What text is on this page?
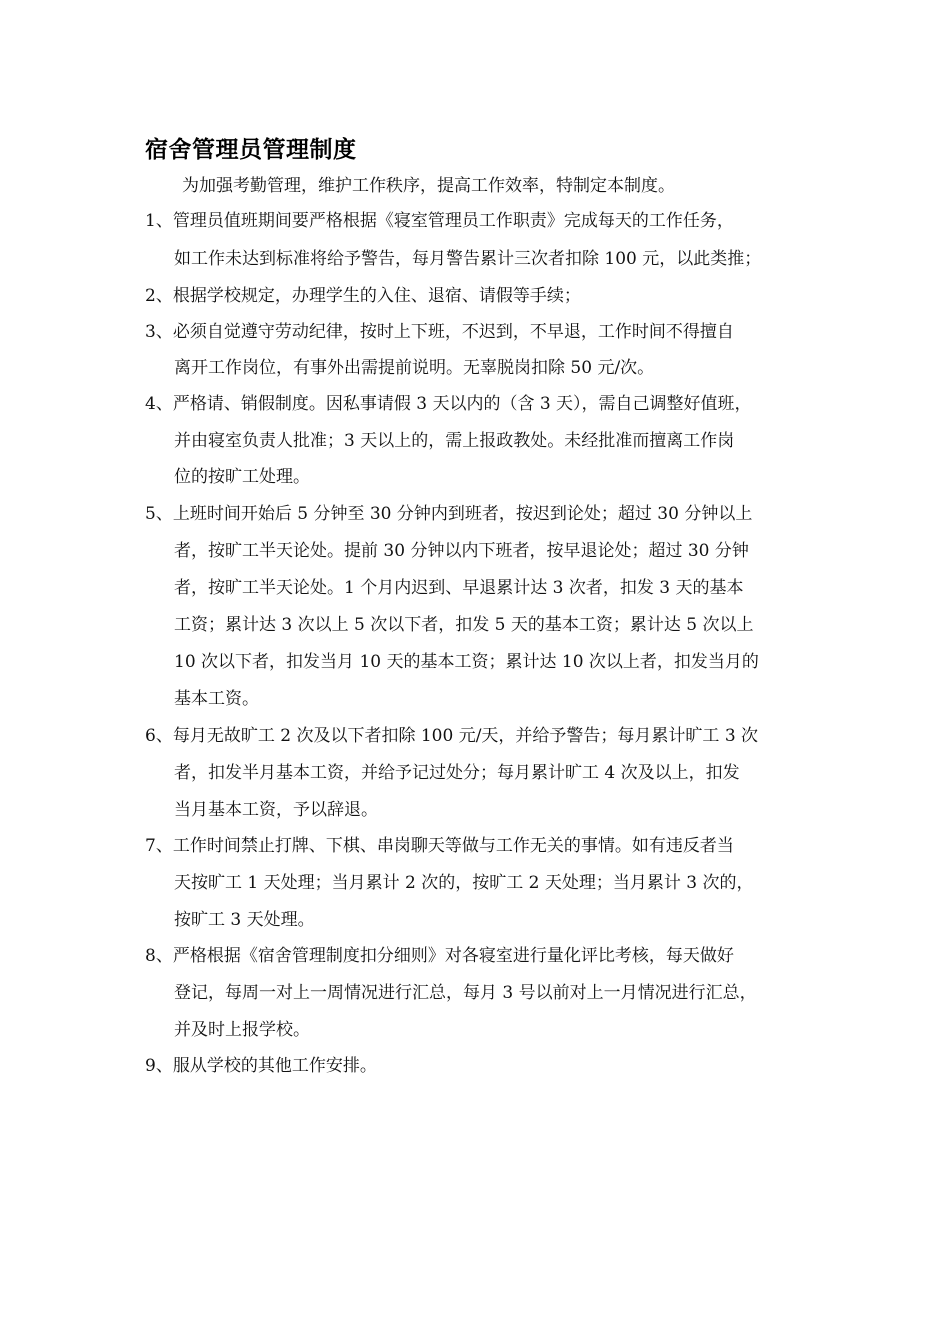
宿舍管理员管理制度

为加强考勤管理，维护工作秩序，提高工作效率，特制定本制度。

1、管理员值班期间要严格根据《寝室管理员工作职责》完成每天的工作任务，

如工作未达到标准将给予警告，每月警告累计三次者扣除 100 元，以此类推；

2、根据学校规定，办理学生的入住、退宿、请假等手续；

3、必须自觉遵守劳动纪律，按时上下班，不迟到，不早退，工作时间不得擅自

离开工作岗位，有事外出需提前说明。无辜脱岗扣除 50 元/次。

4、严格请、销假制度。因私事请假 3 天以内的（含 3 天），需自己调整好值班，

并由寝室负责人批准；3 天以上的，需上报政教处。未经批准而擅离工作岗

位的按旷工处理。

5、上班时间开始后 5 分钟至 30 分钟内到班者，按迟到论处；超过 30 分钟以上

者，按旷工半天论处。提前 30 分钟以内下班者，按早退论处；超过 30 分钟

者，按旷工半天论处。1 个月内迟到、早退累计达 3 次者，扣发 3 天的基本

工资；累计达 3 次以上 5 次以下者，扣发 5 天的基本工资；累计达 5 次以上

10 次以下者，扣发当月 10 天的基本工资；累计达 10 次以上者，扣发当月的

基本工资。

6、每月无故旷工 2 次及以下者扣除 100 元/天，并给予警告；每月累计旷工 3 次

者，扣发半月基本工资，并给予记过处分；每月累计旷工 4 次及以上，扣发

当月基本工资，予以辞退。

7、工作时间禁止打牌、下棋、串岗聊天等做与工作无关的事情。如有违反者当

天按旷工 1 天处理；当月累计 2 次的，按旷工 2 天处理；当月累计 3 次的，

按旷工 3 天处理。

8、严格根据《宿舍管理制度扣分细则》对各寝室进行量化评比考核，每天做好

登记，每周一对上一周情况进行汇总，每月 3 号以前对上一月情况进行汇总，

并及时上报学校。

9、服从学校的其他工作安排。
